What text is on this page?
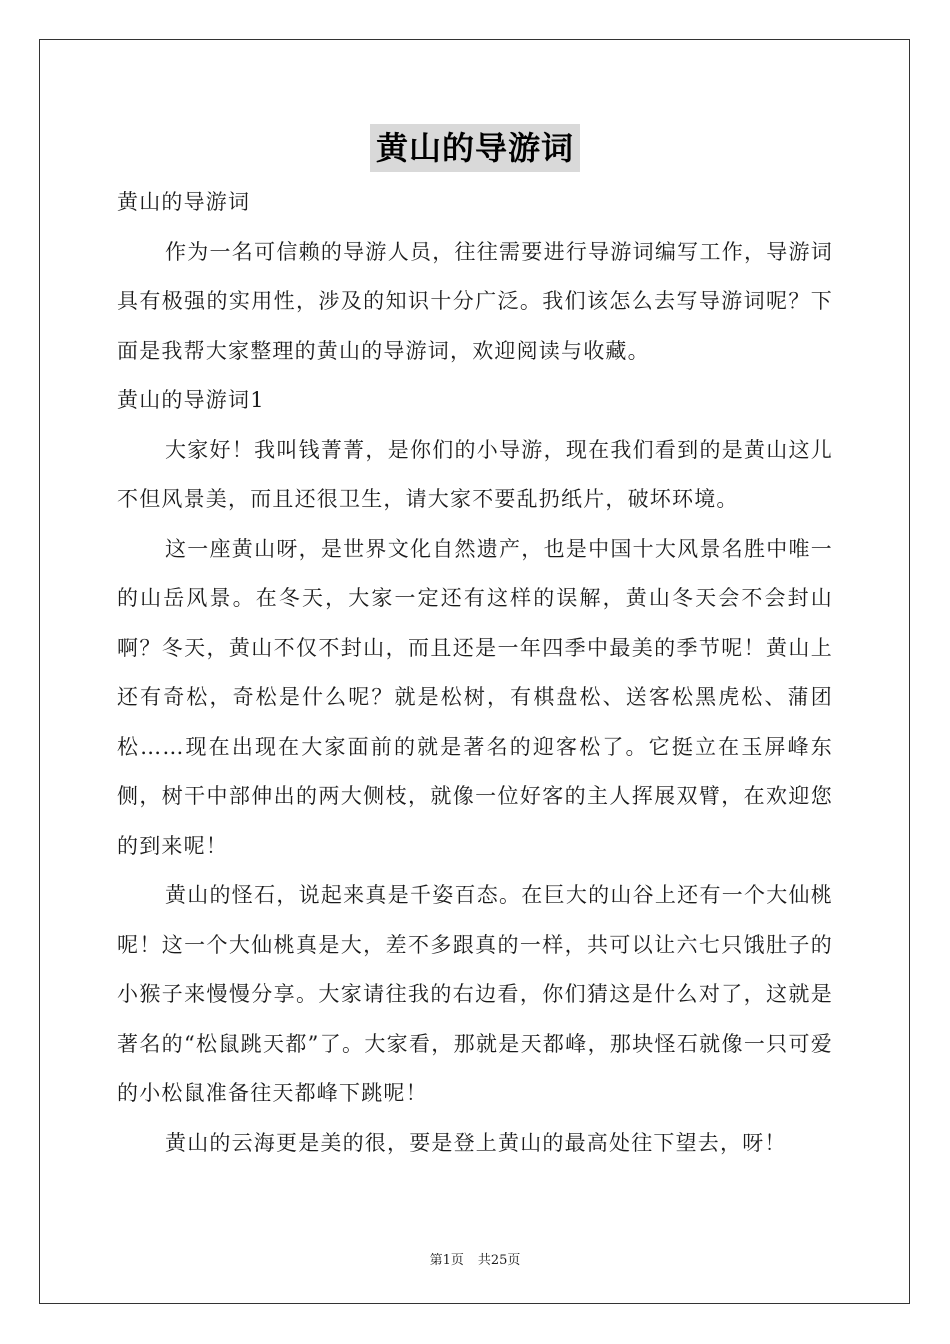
黄山的导游词

黄山的导游词

作为一名可信赖的导游人员，往往需要进行导游词编写工作，导游词具有极强的实用性，涉及的知识十分广泛。我们该怎么去写导游词呢？下面是我帮大家整理的黄山的导游词，欢迎阅读与收藏。

黄山的导游词1

大家好！我叫钱菁菁，是你们的小导游，现在我们看到的是黄山这儿不但风景美，而且还很卫生，请大家不要乱扔纸片，破坏环境。

这一座黄山呀，是世界文化自然遗产，也是中国十大风景名胜中唯一的山岳风景。在冬天，大家一定还有这样的误解，黄山冬天会不会封山啊？冬天，黄山不仅不封山，而且还是一年四季中最美的季节呢！黄山上还有奇松，奇松是什么呢？就是松树，有棋盘松、送客松黑虎松、蒲团松……现在出现在大家面前的就是著名的迎客松了。它挺立在玉屏峰东侧，树干中部伸出的两大侧枝，就像一位好客的主人挥展双臂，在欢迎您的到来呢！

黄山的怪石，说起来真是千姿百态。在巨大的山谷上还有一个大仙桃呢！这一个大仙桃真是大，差不多跟真的一样，共可以让六七只饿肚子的小猴子来慢慢分享。大家请往我的右边看，你们猜这是什么对了，这就是著名的“松鼠跳天都”了。大家看，那就是天都峰，那块怪石就像一只可爱的小松鼠准备往天都峰下跳呢！

黄山的云海更是美的很，要是登上黄山的最高处往下望去，呀！

第1页 共25页
